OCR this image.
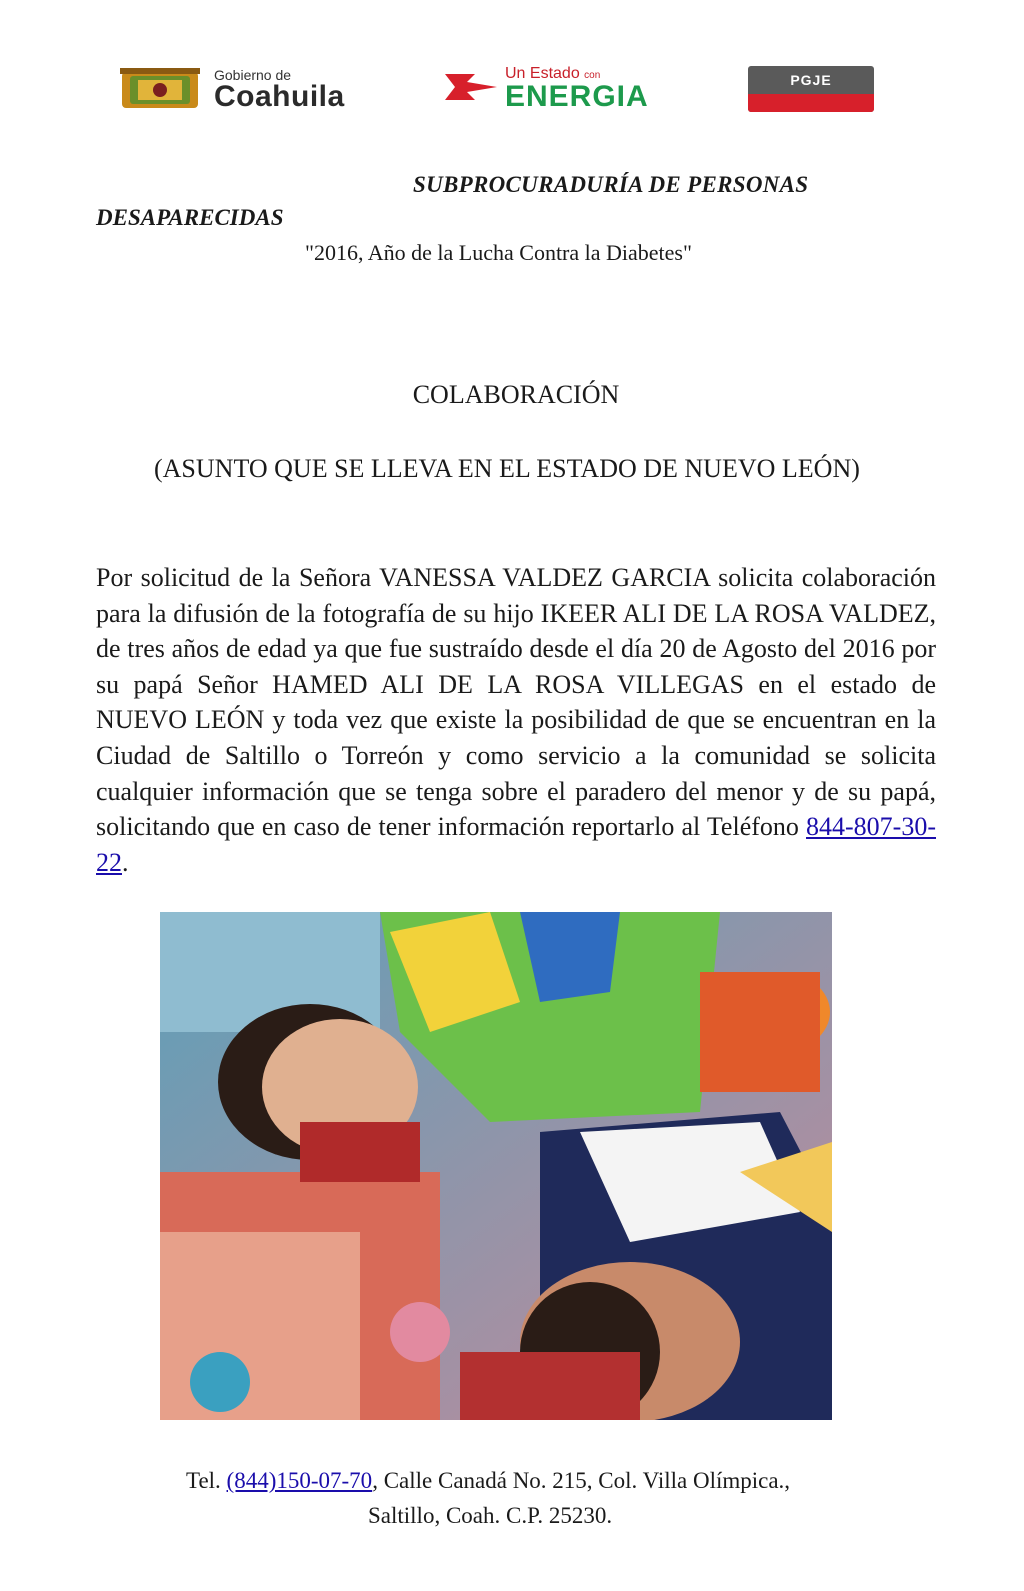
Gobierno de
Coahuila
Un Estado con
ENERGIA	PGJE
SUBPROCURADURÍA DE PERSONAS
DESAPARECIDAS
"2016, Año de la Lucha Contra la Diabetes"
COLABORACIÓN
(ASUNTO QUE SE LLEVA EN EL ESTADO DE NUEVO LEÓN)
Por solicitud de la Señora VANESSA VALDEZ GARCIA solicita colaboración para la difusión de la fotografía de su hijo IKEER ALI DE LA ROSA VALDEZ, de tres años de edad ya que fue sustraído desde el día 20 de Agosto del 2016 por su papá Señor HAMED ALI DE LA ROSA VILLEGAS en el estado de NUEVO LEÓN y toda vez que existe la posibilidad de que se encuentran en la Ciudad de Saltillo o Torreón y como servicio a la comunidad se solicita cualquier información que se tenga sobre el paradero del menor y de su papá, solicitando que en caso de tener información reportarlo al Teléfono 844-807-30-22.
Tel. (844)150-07-70, Calle Canadá No. 215, Col. Villa Olímpica.,
Saltillo, Coah. C.P. 25230.
